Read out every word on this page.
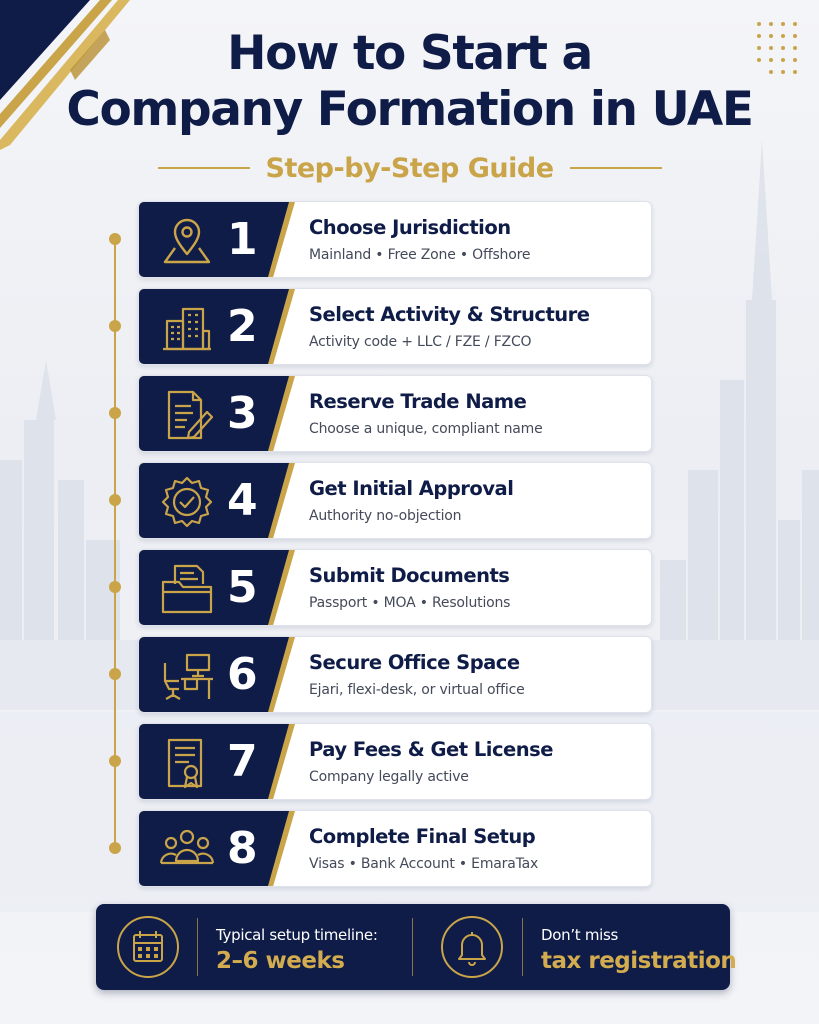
How to Start a
Company Formation in UAE
Step-by-Step Guide
1	Choose Jurisdiction
Mainland • Free Zone • Offshore
2	Select Activity & Structure
Activity code + LLC / FZE / FZCO
3	Reserve Trade Name
Choose a unique, compliant name
4	Get Initial Approval
Authority no-objection
5	Submit Documents
Passport • MOA • Resolutions
6	Secure Office Space
Ejari, flexi-desk, or virtual office
7	Pay Fees & Get License
Company legally active
8	Complete Final Setup
Visas • Bank Account • EmaraTax
Typical setup timeline:
2–6 weeks
Don’t miss
tax registration
